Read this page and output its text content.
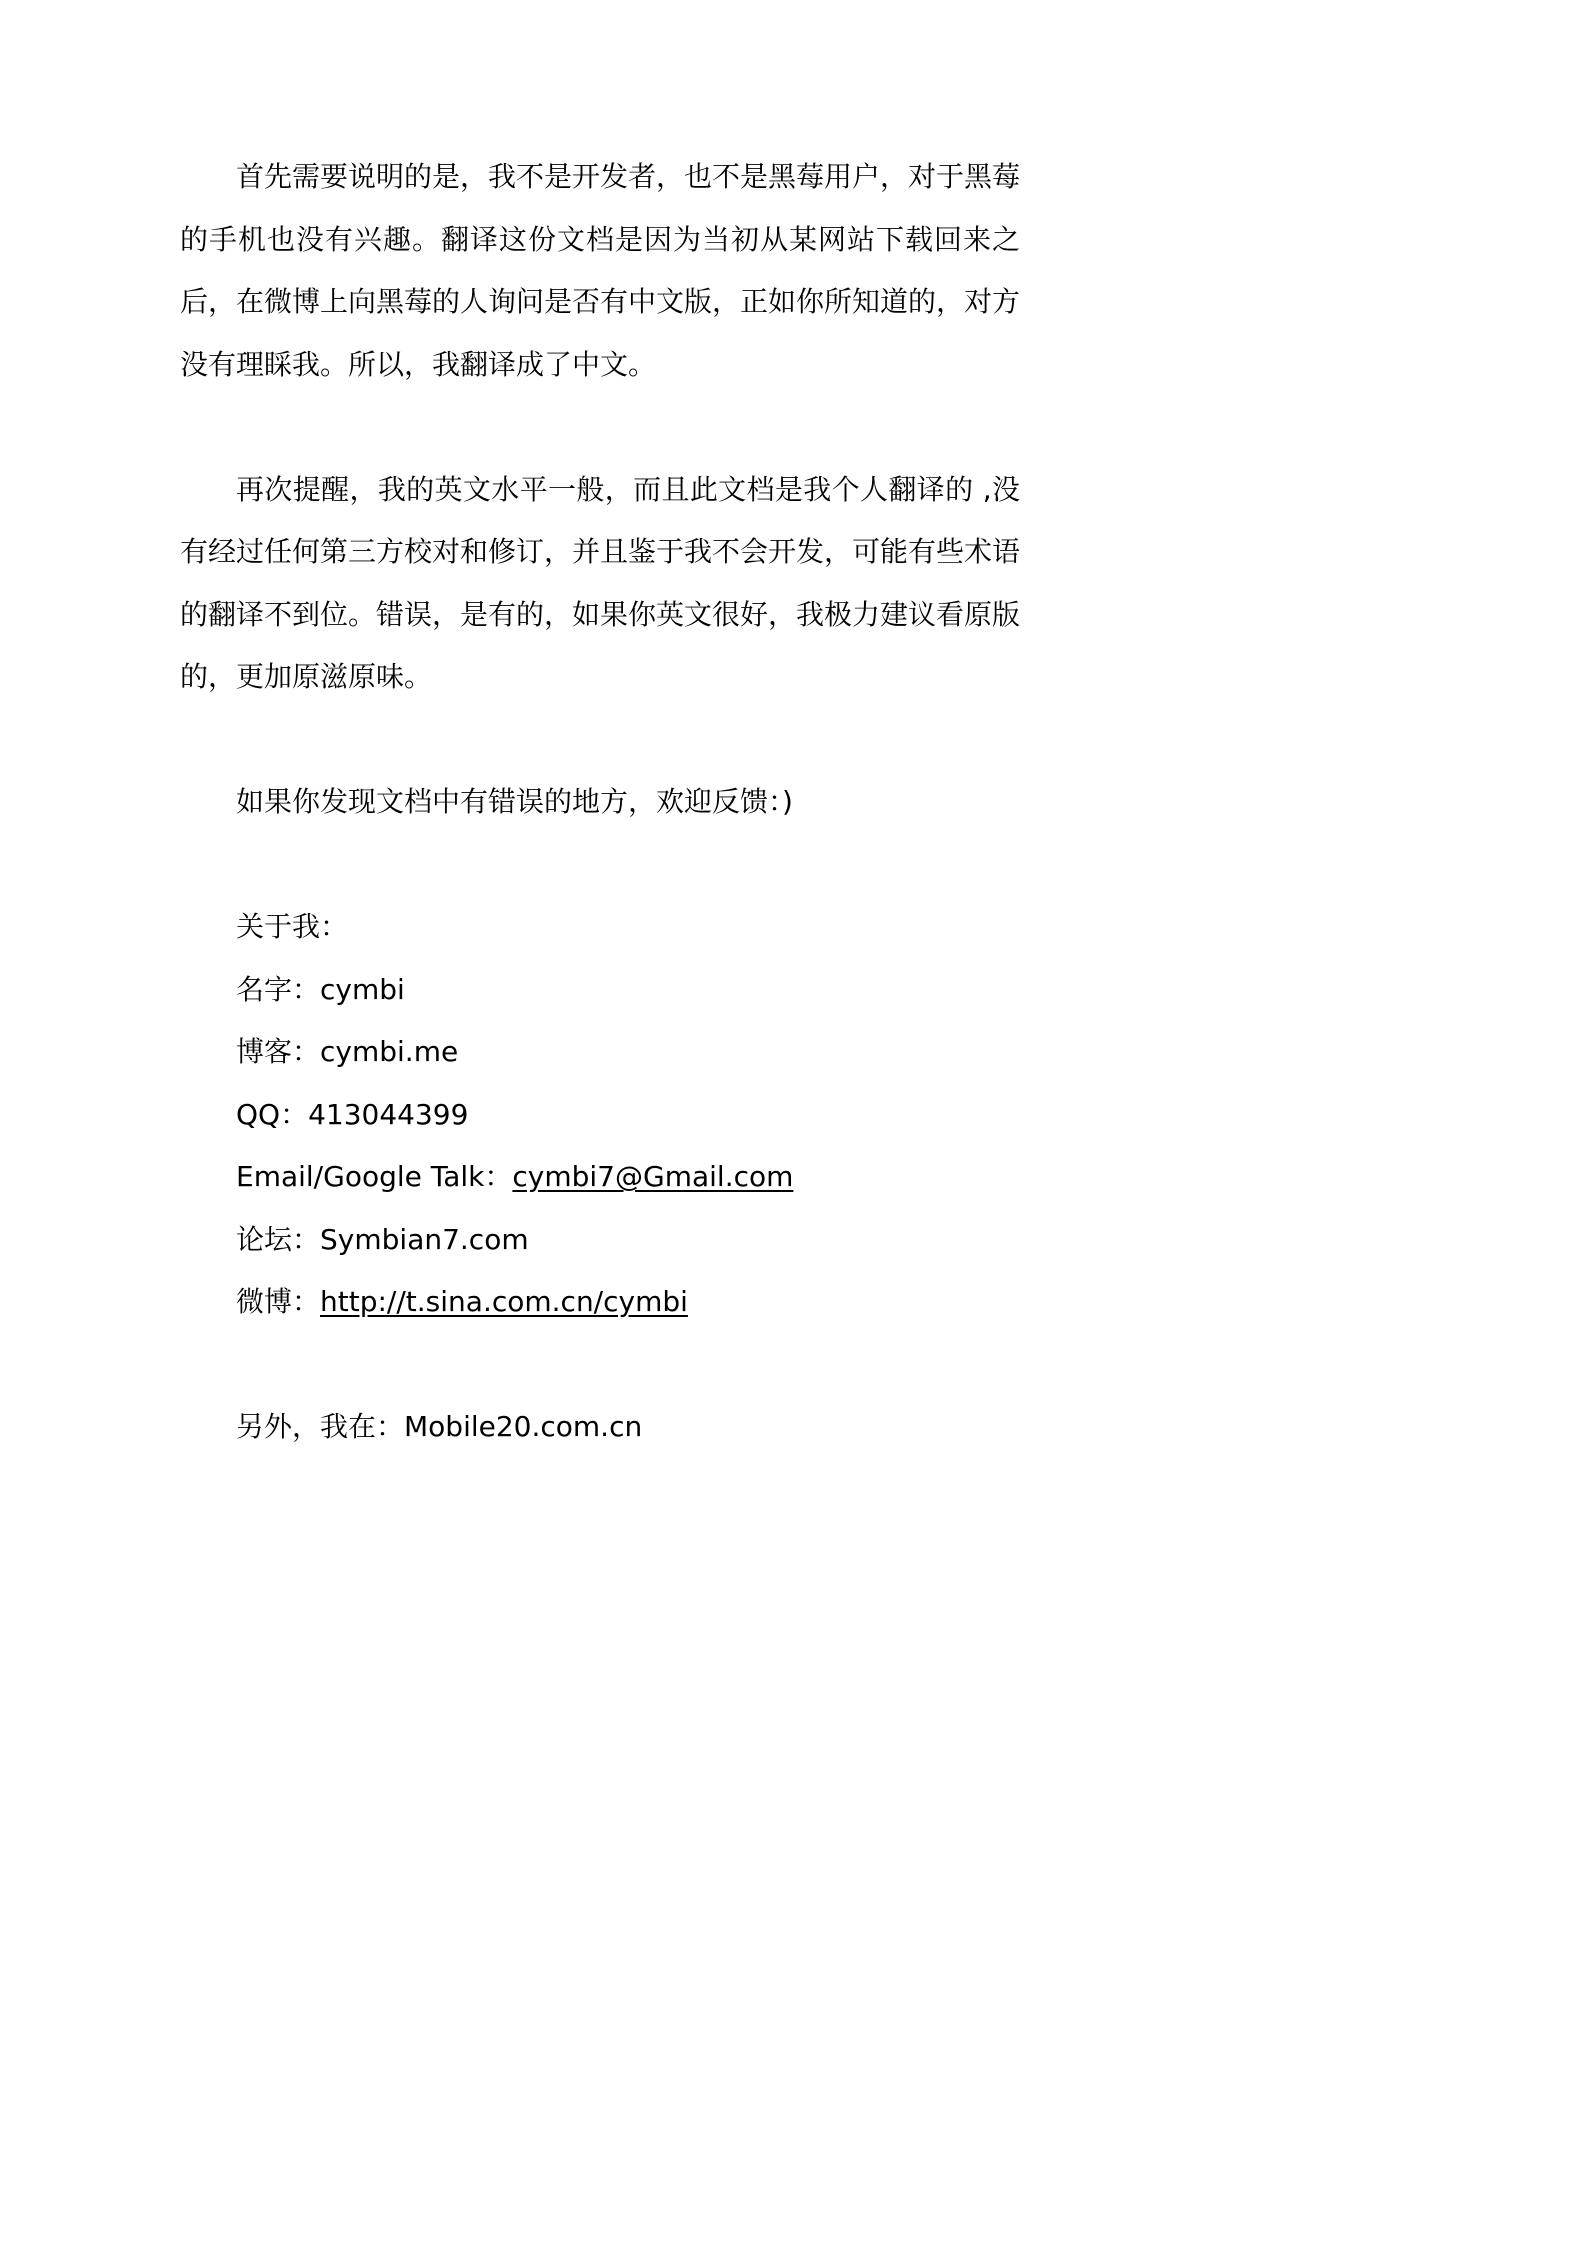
首先需要说明的是，我不是开发者，也不是黑莓用户，对于黑莓的手机也没有兴趣。翻译这份文档是因为当初从某网站下载回来之后，在微博上向黑莓的人询问是否有中文版，正如你所知道的，对方没有理睬我。所以，我翻译成了中文。

再次提醒，我的英文水平一般，而且此文档是我个人翻译的 ,没有经过任何第三方校对和修订，并且鉴于我不会开发，可能有些术语的翻译不到位。错误，是有的，如果你英文很好，我极力建议看原版的，更加原滋原味。

如果你发现文档中有错误的地方，欢迎反馈：)

关于我：

名字：cymbi

博客：cymbi.me

QQ：413044399

Email/Google Talk：cymbi7@Gmail.com

论坛：Symbian7.com

微博：http://t.sina.com.cn/cymbi

另外，我在：Mobile20.com.cn
